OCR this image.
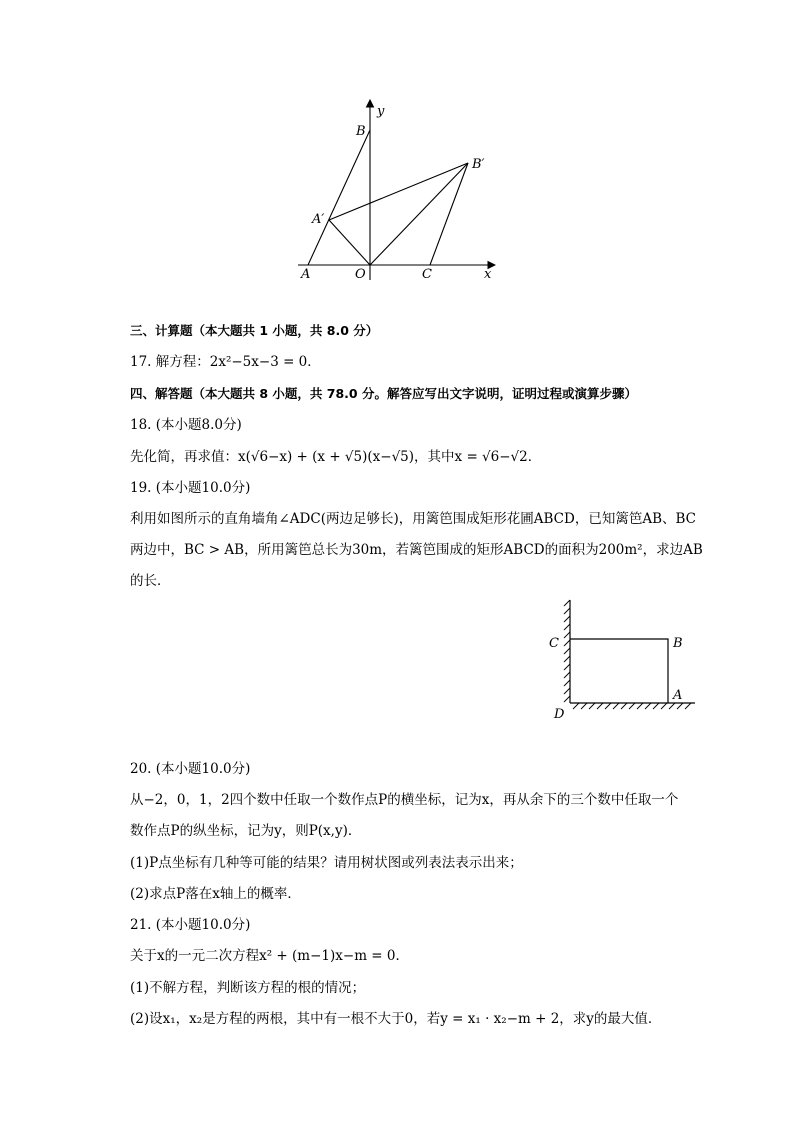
y
B
B′
A′
A	O	C	x
三、计算题（本大题共 1 小题，共 8.0 分）
17. 解方程：2x²−5x−3 = 0．
四、解答题（本大题共 8 小题，共 78.0 分。解答应写出文字说明，证明过程或演算步骤）
18. (本小题8.0分)
先化简，再求值：x(√6−x) + (x + √5)(x−√5)，其中x = √6−√2．
19. (本小题10.0分)
利用如图所示的直角墙角∠ADC(两边足够长)，用篱笆围成矩形花圃ABCD，已知篱笆AB、BC
两边中，BC > AB，所用篱笆总长为30m，若篱笆围成的矩形ABCD的面积为200m²，求边AB
的长．
C	B
A
D
20. (本小题10.0分)
从−2，0，1，2四个数中任取一个数作点P的横坐标，记为x，再从余下的三个数中任取一个
数作点P的纵坐标，记为y，则P(x,y)．
(1)P点坐标有几种等可能的结果？请用树状图或列表法表示出来；
(2)求点P落在x轴上的概率．
21. (本小题10.0分)
关于x的一元二次方程x² + (m−1)x−m = 0．
(1)不解方程，判断该方程的根的情况；
(2)设x₁，x₂是方程的两根，其中有一根不大于0，若y = x₁ · x₂−m + 2，求y的最大值．
